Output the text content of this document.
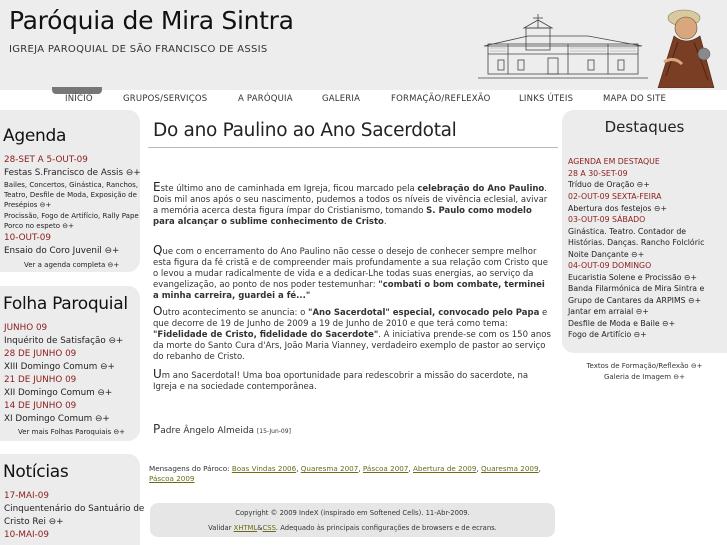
Paróquia de Mira Sintra
IGREJA PAROQUIAL DE SÃO FRANCISCO DE ASSIS
INÍCIO	GRUPOS/SERVIÇOS	A PARÓQUIA	GALERIA	FORMAÇÃO/REFLEXÃO	LINKS ÚTEIS	MAPA DO SITE
Agenda
28-SET A 5-OUT-09
Festas S.Francisco de Assis ⊖+
Bailes, Concertos, Ginástica, Ranchos,
Teatro, Desfile de Moda, Exposição de
Presépios ⊖+
Procissão, Fogo de Artifício, Rally Pape
Porco no espeto ⊖+
10-OUT-09
Ensaio do Coro Juvenil ⊖+
Ver a agenda completa ⊖+
Folha Paroquial
JUNHO 09
Inquérito de Satisfação ⊖+
28 DE JUNHO 09
XIII Domingo Comum ⊖+
21 DE JUNHO 09
XII Domingo Comum ⊖+
14 DE JUNHO 09
XI Domingo Comum ⊖+
Ver mais Folhas Paroquiais ⊖+
Notícias
17-MAI-09
Cinquentenário do Santuário de
Cristo Rei ⊖+
10-MAI-09
Do ano Paulino ao Ano Sacerdotal
Este último ano de caminhada em Igreja, ficou marcado pela celebração do Ano Paulino. Dois mil anos após o seu nascimento, pudemos a todos os níveis de vivência eclesial, avivar a memória acerca desta figura ímpar do Cristianismo, tomando S. Paulo como modelo para alcançar o sublime conhecimento de Cristo.
Que com o encerramento do Ano Paulino não cesse o desejo de conhecer sempre melhor esta figura da fé cristã e de compreender mais profundamente a sua relação com Cristo que o levou a mudar radicalmente de vida e a dedicar-Lhe todas suas energias, ao serviço da evangelização, ao ponto de nos poder testemunhar: "combati o bom combate, terminei a minha carreira, guardei a fé..."
Outro acontecimento se anuncia: o "Ano Sacerdotal" especial, convocado pelo Papa e que decorre de 19 de Junho de 2009 a 19 de Junho de 2010 e que terá como tema: "Fidelidade de Cristo, fidelidade do Sacerdote". A iniciativa prende-se com os 150 anos da morte do Santo Cura d'Ars, João Maria Vianney, verdadeiro exemplo de pastor ao serviço do rebanho de Cristo.
Um ano Sacerdotal! Uma boa oportunidade para redescobrir a missão do sacerdote, na Igreja e na sociedade contemporânea.
Padre Ângelo Almeida [15-Jun-09]
Mensagens do Pároco: Boas Vindas 2006, Quaresma 2007, Páscoa 2007, Abertura de 2009, Quaresma 2009, Páscoa 2009
Copyright © 2009 IndeX (inspirado em Softened Cells). 11-Abr-2009.
Validar XHTML&CSS. Adequado às principais configurações de browsers e de ecrans.
Destaques
AGENDA EM DESTAQUE
28 A 30-SET-09
Tríduo de Oração ⊖+
02-OUT-09 SEXTA-FEIRA
Abertura dos festejos ⊖+
03-OUT-09 SÁBADO
Ginástica. Teatro. Contador de
Histórias. Danças. Rancho Folclóric
Noite Dançante ⊖+
04-OUT-09 DOMINGO
Eucaristia Solene e Procissão ⊖+
Banda Filarmónica de Mira Sintra e
Grupo de Cantares da ARPIMS ⊖+
Jantar em arraial ⊖+
Desfile de Moda e Baile ⊖+
Fogo de Artifício ⊖+
Textos de Formação/Reflexão ⊖+
Galeria de Imagem ⊖+
